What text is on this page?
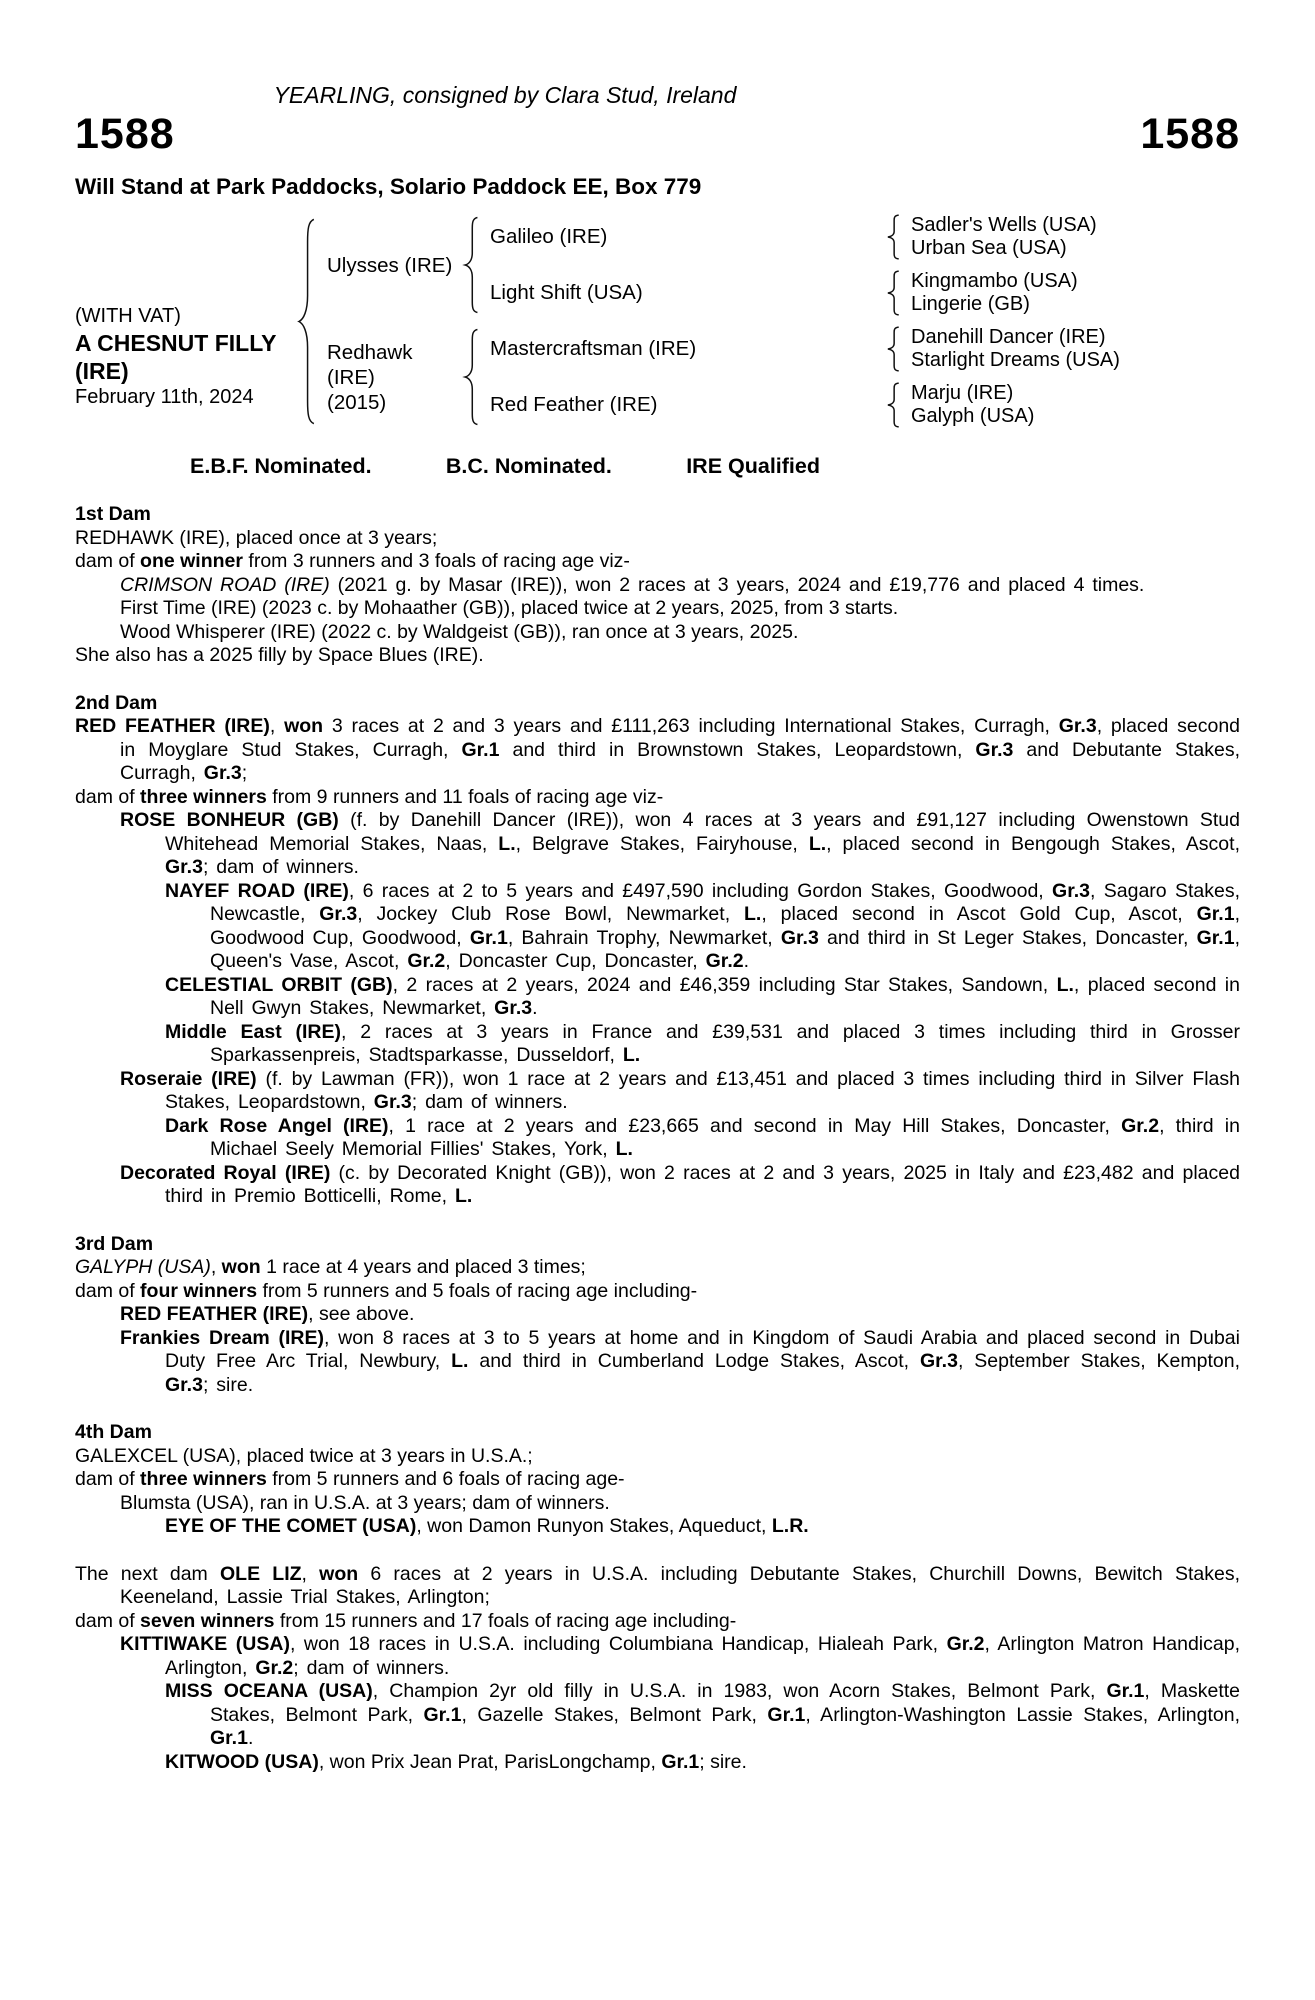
YEARLING, consigned by Clara Stud, Ireland
1588	1588
Will Stand at Park Paddocks, Solario Paddock EE, Box 779
(WITH VAT)
A CHESNUT FILLY
(IRE)
February 11th, 2024
Ulysses (IRE)
Galileo (IRE)	Sadler's Wells (USA)
Urban Sea (USA)
Light Shift (USA)	Kingmambo (USA)
Lingerie (GB)
Redhawk (IRE)
(2015)
Mastercraftsman (IRE)	Danehill Dancer (IRE)
Starlight Dreams (USA)
Red Feather (IRE)	Marju (IRE)
Galyph (USA)
E.B.F. Nominated.	B.C. Nominated.	IRE Qualified
1st Dam

REDHAWK (IRE), placed once at 3 years;

dam of one winner from 3 runners and 3 foals of racing age viz-

CRIMSON ROAD (IRE) (2021 g. by Masar (IRE)), won 2 races at 3 years, 2024 and £19,776 and placed 4 times.

First Time (IRE) (2023 c. by Mohaather (GB)), placed twice at 2 years, 2025, from 3 starts.

Wood Whisperer (IRE) (2022 c. by Waldgeist (GB)), ran once at 3 years, 2025.

She also has a 2025 filly by Space Blues (IRE).

2nd Dam

RED FEATHER (IRE), won 3 races at 2 and 3 years and £111,263 including International Stakes, Curragh, Gr.3, placed second in Moyglare Stud Stakes, Curragh, Gr.1 and third in Brownstown Stakes, Leopardstown, Gr.3 and Debutante Stakes, Curragh, Gr.3;

dam of three winners from 9 runners and 11 foals of racing age viz-

ROSE BONHEUR (GB) (f. by Danehill Dancer (IRE)), won 4 races at 3 years and £91,127 including Owenstown Stud Whitehead Memorial Stakes, Naas, L., Belgrave Stakes, Fairyhouse, L., placed second in Bengough Stakes, Ascot, Gr.3; dam of winners.

NAYEF ROAD (IRE), 6 races at 2 to 5 years and £497,590 including Gordon Stakes, Goodwood, Gr.3, Sagaro Stakes, Newcastle, Gr.3, Jockey Club Rose Bowl, Newmarket, L., placed second in Ascot Gold Cup, Ascot, Gr.1, Goodwood Cup, Goodwood, Gr.1, Bahrain Trophy, Newmarket, Gr.3 and third in St Leger Stakes, Doncaster, Gr.1, Queen's Vase, Ascot, Gr.2, Doncaster Cup, Doncaster, Gr.2.

CELESTIAL ORBIT (GB), 2 races at 2 years, 2024 and £46,359 including Star Stakes, Sandown, L., placed second in Nell Gwyn Stakes, Newmarket, Gr.3.

Middle East (IRE), 2 races at 3 years in France and £39,531 and placed 3 times including third in Grosser Sparkassenpreis, Stadtsparkasse, Dusseldorf, L.

Roseraie (IRE) (f. by Lawman (FR)), won 1 race at 2 years and £13,451 and placed 3 times including third in Silver Flash Stakes, Leopardstown, Gr.3; dam of winners.

Dark Rose Angel (IRE), 1 race at 2 years and £23,665 and second in May Hill Stakes, Doncaster, Gr.2, third in Michael Seely Memorial Fillies' Stakes, York, L.

Decorated Royal (IRE) (c. by Decorated Knight (GB)), won 2 races at 2 and 3 years, 2025 in Italy and £23,482 and placed third in Premio Botticelli, Rome, L.

3rd Dam

GALYPH (USA), won 1 race at 4 years and placed 3 times;

dam of four winners from 5 runners and 5 foals of racing age including-

RED FEATHER (IRE), see above.

Frankies Dream (IRE), won 8 races at 3 to 5 years at home and in Kingdom of Saudi Arabia and placed second in Dubai Duty Free Arc Trial, Newbury, L. and third in Cumberland Lodge Stakes, Ascot, Gr.3, September Stakes, Kempton, Gr.3; sire.

4th Dam

GALEXCEL (USA), placed twice at 3 years in U.S.A.;

dam of three winners from 5 runners and 6 foals of racing age-

Blumsta (USA), ran in U.S.A. at 3 years; dam of winners.

EYE OF THE COMET (USA), won Damon Runyon Stakes, Aqueduct, L.R.

The next dam OLE LIZ, won 6 races at 2 years in U.S.A. including Debutante Stakes, Churchill Downs, Bewitch Stakes, Keeneland, Lassie Trial Stakes, Arlington;

dam of seven winners from 15 runners and 17 foals of racing age including-

KITTIWAKE (USA), won 18 races in U.S.A. including Columbiana Handicap, Hialeah Park, Gr.2, Arlington Matron Handicap, Arlington, Gr.2; dam of winners.

MISS OCEANA (USA), Champion 2yr old filly in U.S.A. in 1983, won Acorn Stakes, Belmont Park, Gr.1, Maskette Stakes, Belmont Park, Gr.1, Gazelle Stakes, Belmont Park, Gr.1, Arlington-Washington Lassie Stakes, Arlington, Gr.1.

KITWOOD (USA), won Prix Jean Prat, ParisLongchamp, Gr.1; sire.
